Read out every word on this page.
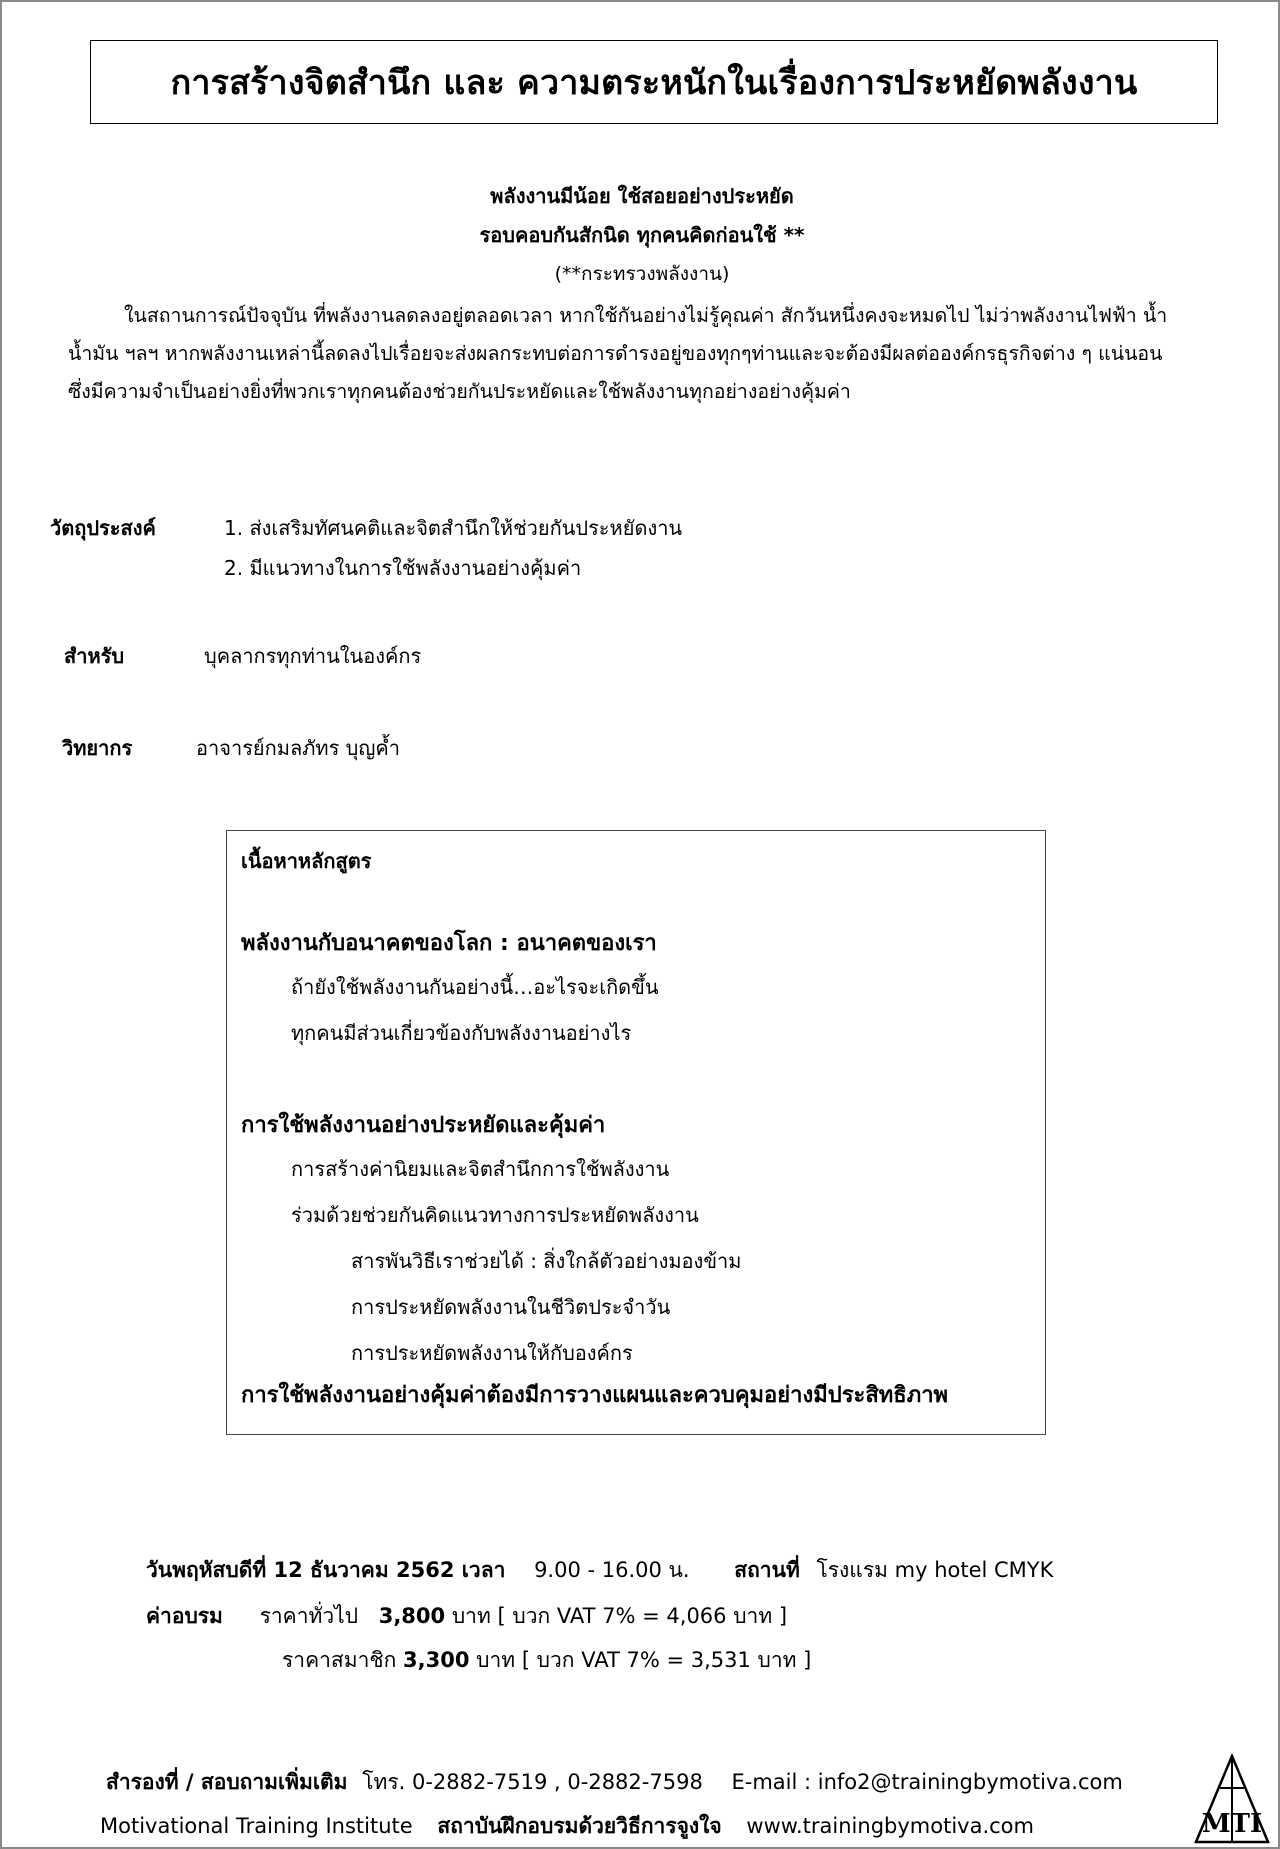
การสร้างจิตสำนึก และ ความตระหนักในเรื่องการประหยัดพลังงาน
พลังงานมีน้อย ใช้สอยอย่างประหยัด
รอบคอบกันสักนิด ทุกคนคิดก่อนใช้ **
(**กระทรวงพลังงาน)

ในสถานการณ์ปัจจุบัน ที่พลังงานลดลงอยู่ตลอดเวลา หากใช้กันอย่างไม่รู้คุณค่า สักวันหนึ่งคงจะหมดไป ไม่ว่าพลังงานไฟฟ้า น้ำ

น้ำมัน ฯลฯ หากพลังงานเหล่านี้ลดลงไปเรื่อยจะส่งผลกระทบต่อการดำรงอยู่ของทุกๆท่านและจะต้องมีผลต่อองค์กรธุรกิจต่าง ๆ แน่นอน

ซึ่งมีความจำเป็นอย่างยิ่งที่พวกเราทุกคนต้องช่วยกันประหยัดและใช้พลังงานทุกอย่างอย่างคุ้มค่า

วัตถุประสงค์	1. ส่งเสริมทัศนคติและจิตสำนึกให้ช่วยกันประหยัดงาน
2. มีแนวทางในการใช้พลังงานอย่างคุ้มค่า
สำหรับ	บุคลากรทุกท่านในองค์กร
วิทยากร	อาจารย์กมลภัทร บุญค้ำ
เนื้อหาหลักสูตร
พลังงานกับอนาคตของโลก : อนาคตของเรา
ถ้ายังใช้พลังงานกันอย่างนี้…อะไรจะเกิดขึ้น
ทุกคนมีส่วนเกี่ยวข้องกับพลังงานอย่างไร
การใช้พลังงานอย่างประหยัดและคุ้มค่า
การสร้างค่านิยมและจิตสำนึกการใช้พลังงาน
ร่วมด้วยช่วยกันคิดแนวทางการประหยัดพลังงาน
สารพันวิธีเราช่วยได้ : สิ่งใกล้ตัวอย่างมองข้าม
การประหยัดพลังงานในชีวิตประจำวัน
การประหยัดพลังงานให้กับองค์กร
การใช้พลังงานอย่างคุ้มค่าต้องมีการวางแผนและควบคุมอย่างมีประสิทธิภาพ
วันพฤหัสบดีที่ 12 ธันวาคม 2562 เวลา 9.00 - 16.00 น. สถานที่ โรงแรม my hotel CMYK
ค่าอบรม ราคาทั่วไป 3,800 บาท [ บวก VAT 7% = 4,066 บาท ]
ราคาสมาชิก 3,300 บาท [ บวก VAT 7% = 3,531 บาท ]
สำรองที่ / สอบถามเพิ่มเติม โทร. 0-2882-7519 , 0-2882-7598 E-mail : info2@trainingbymotiva.com
Motivational Training Institute สถาบันฝึกอบรมด้วยวิธีการจูงใจ www.trainingbymotiva.com	MTI
